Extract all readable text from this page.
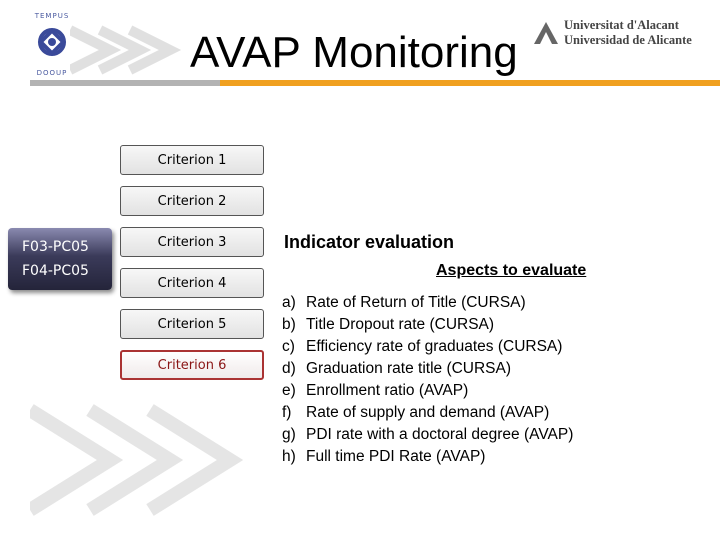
TEMPUS
DOOUP	AVAP Monitoring
Universitat d'Alacant
Universidad de Alicante
F03-PC05
F04-PC05
Criterion 1
Criterion 2
Criterion 3
Criterion 4
Criterion 5
Criterion 6
Indicator evaluation
Aspects to evaluate
a) Rate of Return of Title (CURSA)
b) Title Dropout rate (CURSA)
c) Efficiency rate of graduates (CURSA)
d) Graduation rate title (CURSA)
e) Enrollment ratio (AVAP)
f) Rate of supply and demand (AVAP)
g) PDI rate with a doctoral degree (AVAP)
h) Full time PDI Rate (AVAP)
